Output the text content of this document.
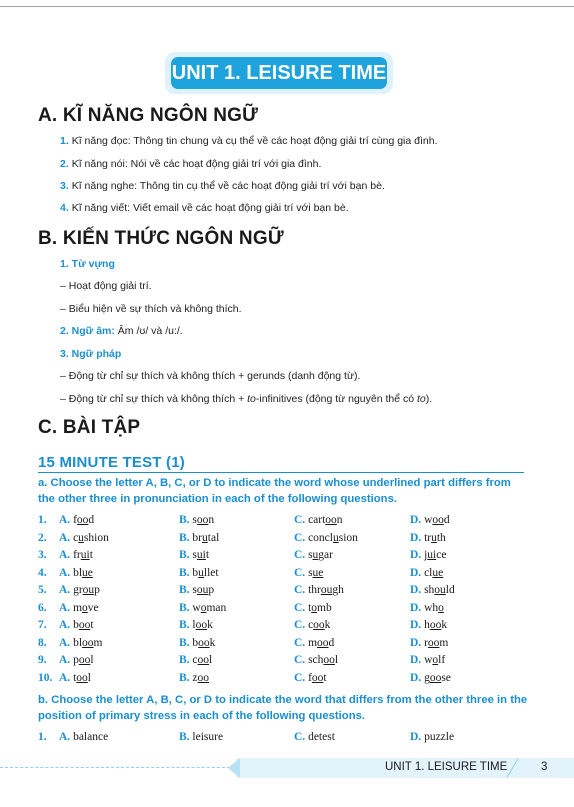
UNIT 1. LEISURE TIME
A. KĨ NĂNG NGÔN NGỮ
1. Kĩ năng đọc: Thông tin chung và cụ thể về các hoạt động giải trí cùng gia đình.
2. Kĩ năng nói: Nói về các hoạt động giải trí với gia đình.
3. Kĩ năng nghe: Thông tin cụ thể về các hoạt động giải trí với bạn bè.
4. Kĩ năng viết: Viết email về các hoạt động giải trí với bạn bè.
B. KIẾN THỨC NGÔN NGỮ
1. Từ vựng
– Hoạt động giải trí.
– Biểu hiện về sự thích và không thích.
2. Ngữ âm: Âm /ʊ/ và /u:/.
3. Ngữ pháp
– Động từ chỉ sự thích và không thích + gerunds (danh động từ).
– Động từ chỉ sự thích và không thích + to-infinitives (động từ nguyên thể có to).
C. BÀI TẬP
15 MINUTE TEST (1)
a. Choose the letter A, B, C, or D to indicate the word whose underlined part differs from the other three in pronunciation in each of the following questions.
1. A. food	B. soon	C. cartoon	D. wood
2. A. cushion	B. brutal	C. conclusion	D. truth
3. A. fruit	B. suit	C. sugar	D. juice
4. A. blue	B. bullet	C. sue	D. clue
5. A. group	B. soup	C. through	D. should
6. A. move	B. woman	C. tomb	D. who
7. A. boot	B. look	C. cook	D. hook
8. A. bloom	B. book	C. mood	D. room
9. A. pool	B. cool	C. school	D. wolf
10. A. tool	B. zoo	C. foot	D. goose
b. Choose the letter A, B, C, or D to indicate the word that differs from the other three in the position of primary stress in each of the following questions.
1. A. balance	B. leisure	C. detest	D. puzzle
UNIT 1. LEISURE TIME	3
